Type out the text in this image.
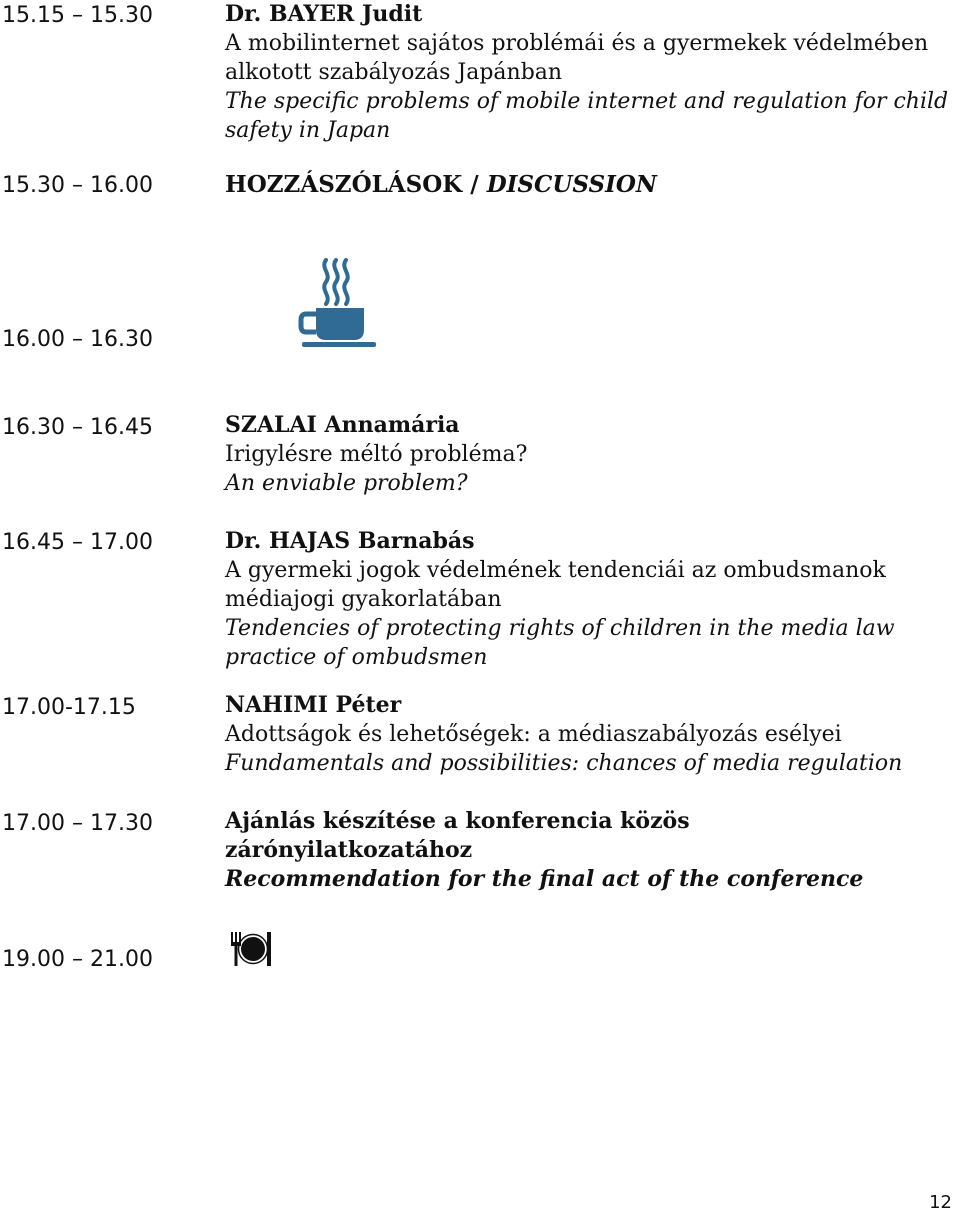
15.15 – 15.30	Dr. BAYER Judit
A mobilinternet sajátos problémái és a gyermekek védelmében
alkotott szabályozás Japánban
The specific problems of mobile internet and regulation for child
safety in Japan
15.30 – 16.00	HOZZÁSZÓLÁSOK / DISCUSSION
16.00 – 16.30
16.30 – 16.45	SZALAI Annamária
Irigylésre méltó probléma?
An enviable problem?
16.45 – 17.00	Dr. HAJAS Barnabás
A gyermeki jogok védelmének tendenciái az ombudsmanok
médiajogi gyakorlatában
Tendencies of protecting rights of children in the media law
practice of ombudsmen
17.00-17.15	NAHIMI Péter
Adottságok és lehetőségek: a médiaszabályozás esélyei
Fundamentals and possibilities: chances of media regulation
17.00 – 17.30	Ajánlás készítése a konferencia közös
zárónyilatkozatához
Recommendation for the final act of the conference
19.00 – 21.00
12
